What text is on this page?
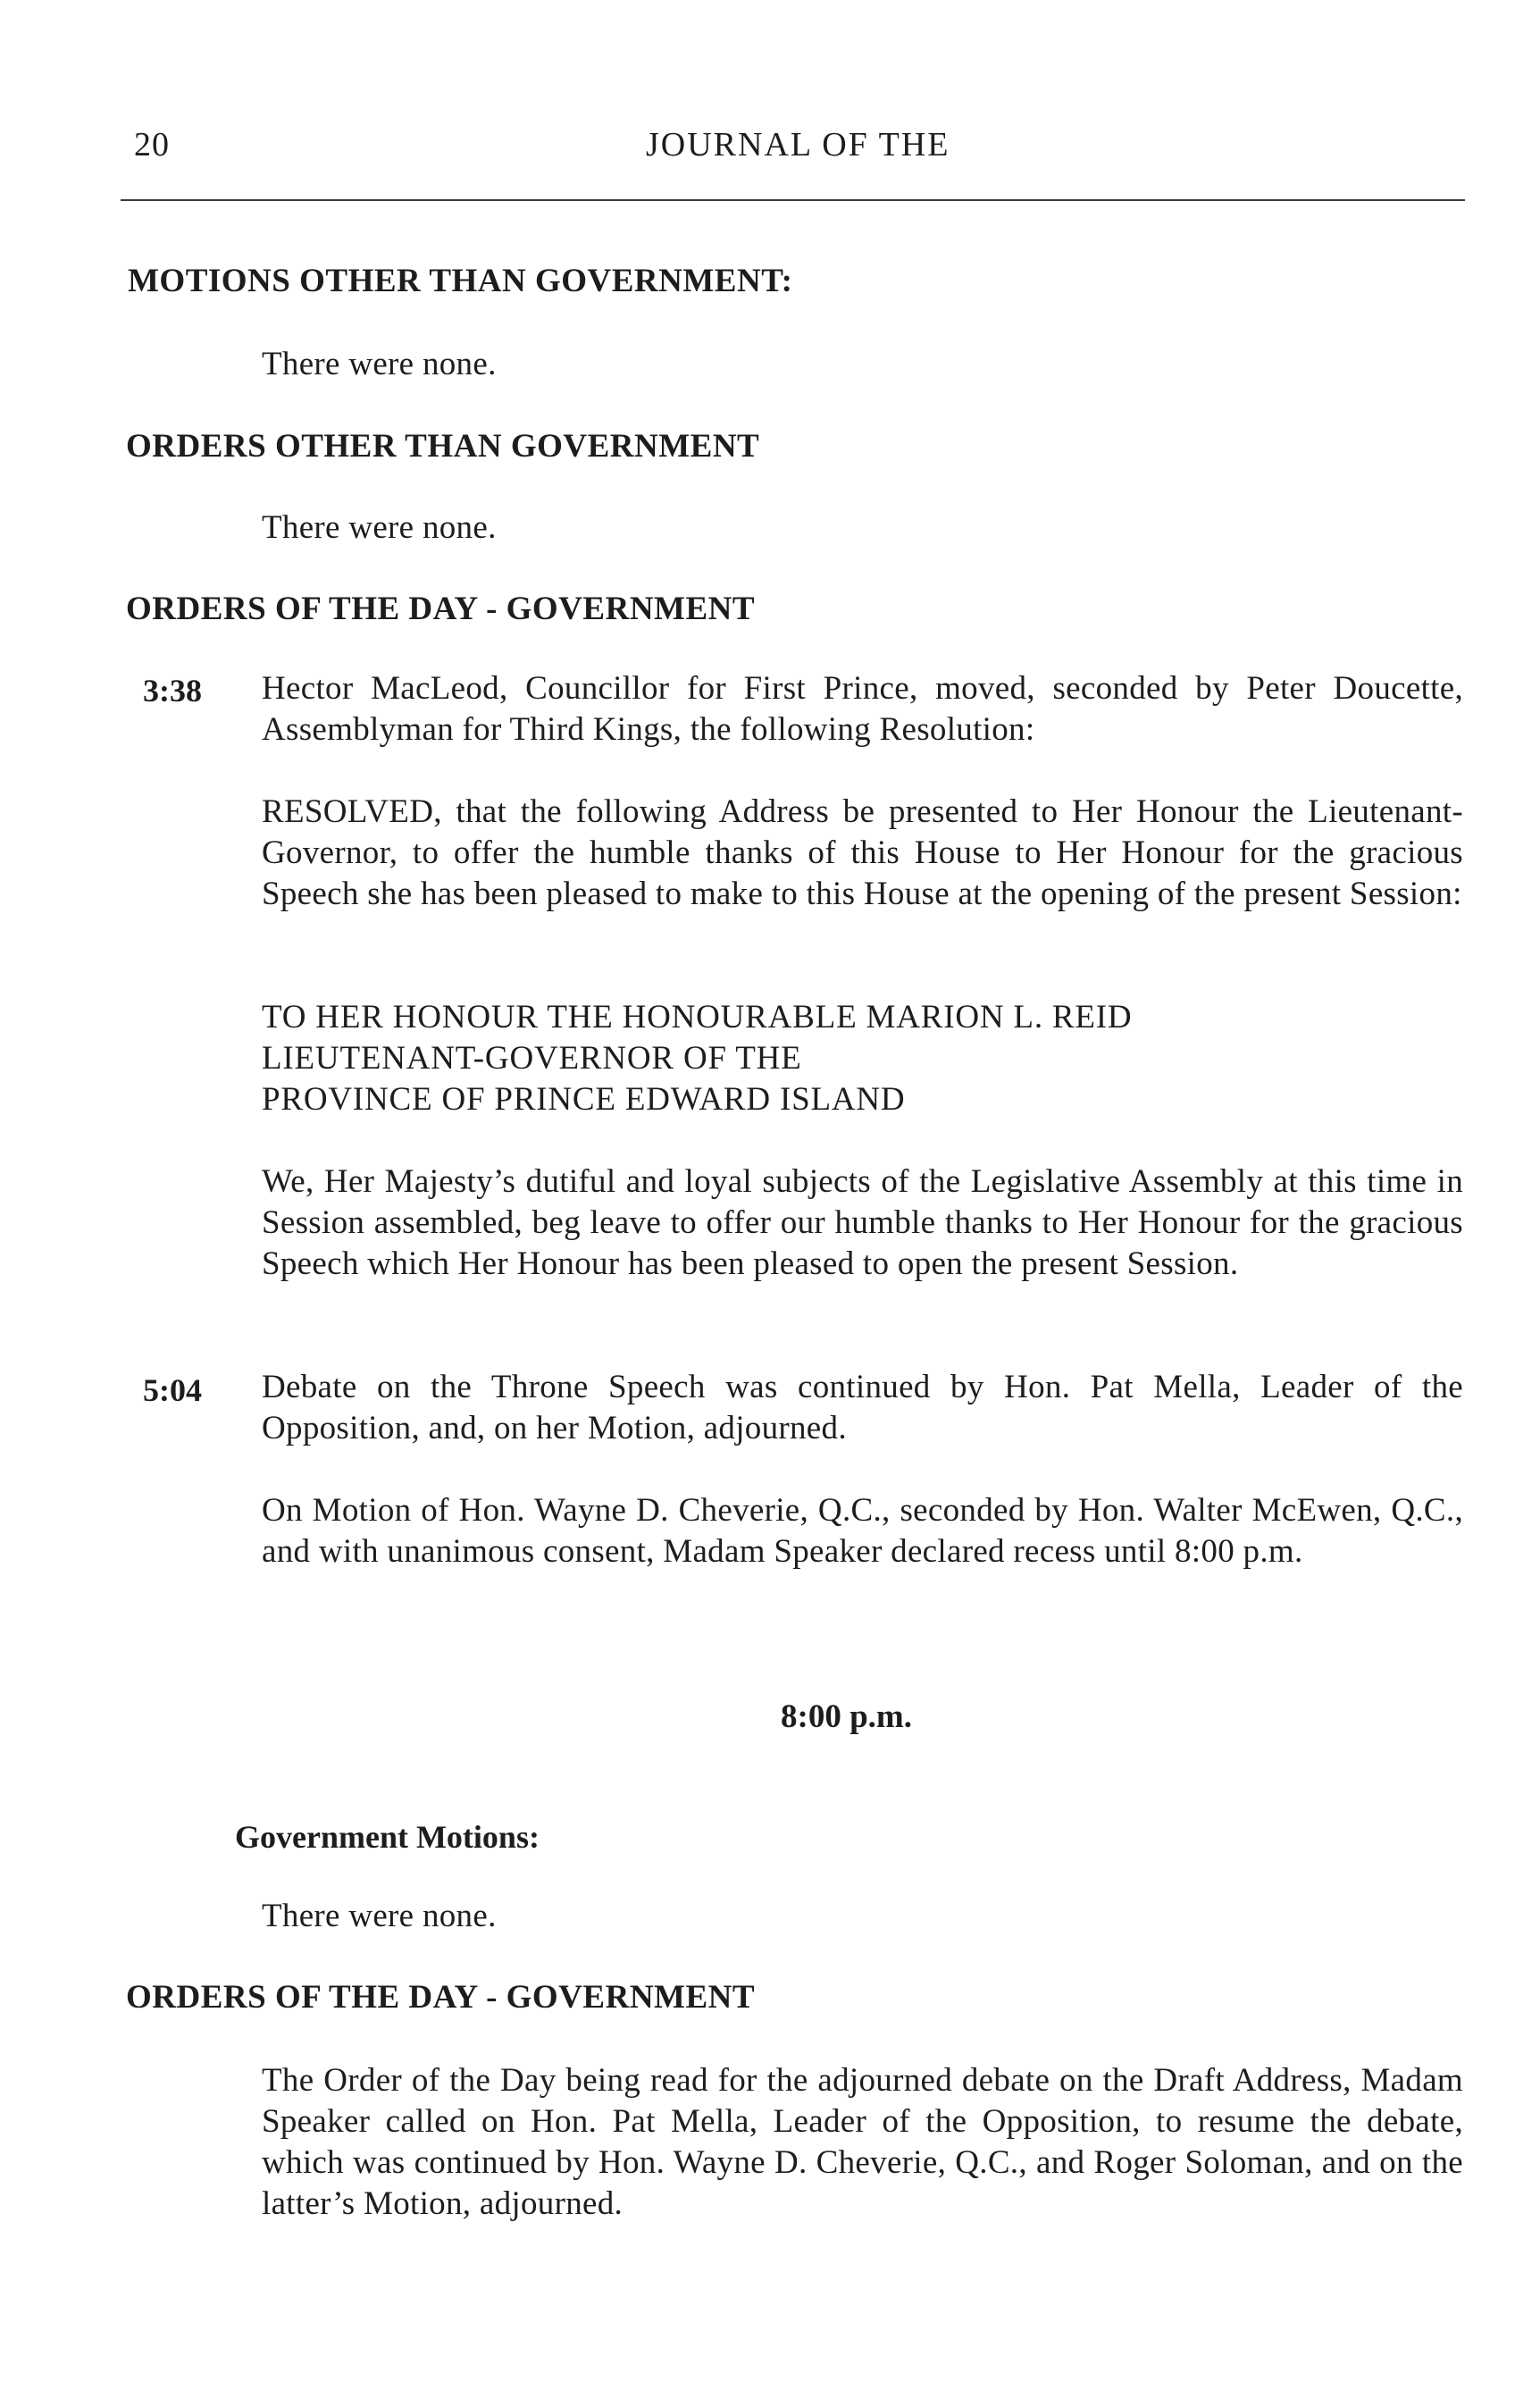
20	JOURNAL OF THE
MOTIONS OTHER THAN GOVERNMENT:
There were none.
ORDERS OTHER THAN GOVERNMENT
There were none.
ORDERS OF THE DAY - GOVERNMENT
3:38 Hector MacLeod, Councillor for First Prince, moved, seconded by Peter Doucette, Assemblyman for Third Kings, the following Resolution:

RESOLVED, that the following Address be presented to Her Honour the Lieutenant-Governor, to offer the humble thanks of this House to Her Honour for the gracious Speech she has been pleased to make to this House at the opening of the present Session:

TO HER HONOUR THE HONOURABLE MARION L. REID
LIEUTENANT-GOVERNOR OF THE
PROVINCE OF PRINCE EDWARD ISLAND

We, Her Majesty’s dutiful and loyal subjects of the Legislative Assembly at this time in Session assembled, beg leave to offer our humble thanks to Her Honour for the gracious Speech which Her Honour has been pleased to open the present Session.

5:04 Debate on the Throne Speech was continued by Hon. Pat Mella, Leader of the Opposition, and, on her Motion, adjourned.

On Motion of Hon. Wayne D. Cheverie, Q.C., seconded by Hon. Walter McEwen, Q.C., and with unanimous consent, Madam Speaker declared recess until 8:00 p.m.

8:00 p.m.
Government Motions:
There were none.
ORDERS OF THE DAY - GOVERNMENT

The Order of the Day being read for the adjourned debate on the Draft Address, Madam Speaker called on Hon. Pat Mella, Leader of the Opposition, to resume the debate, which was continued by Hon. Wayne D. Cheverie, Q.C., and Roger Soloman, and on the latter’s Motion, adjourned.
